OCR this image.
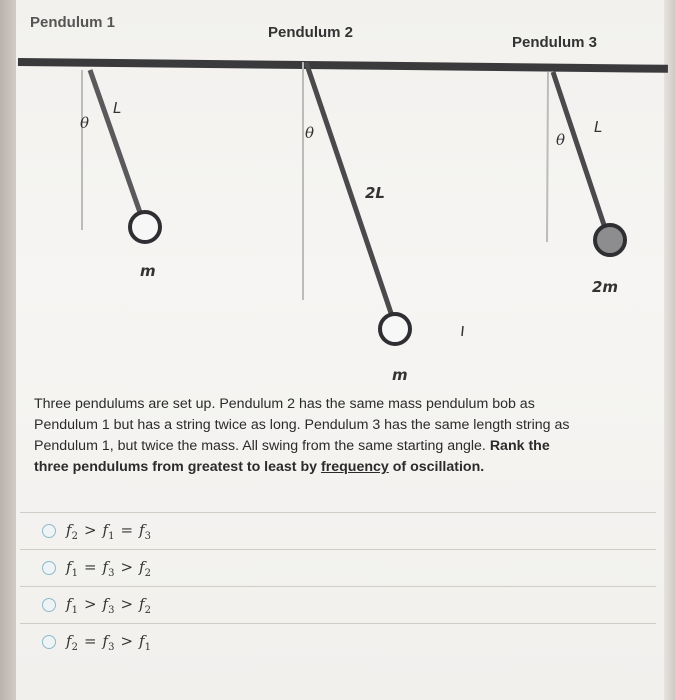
Pendulum 1
Pendulum 2
Pendulum 3
θ
L
m
θ
2L
m
θ
L
2m
Three pendulums are set up. Pendulum 2 has the same mass pendulum bob as
Pendulum 1 but has a string twice as long. Pendulum 3 has the same length string as
Pendulum 1, but twice the mass. All swing from the same starting angle. Rank the
three pendulums from greatest to least by frequency of oscillation.
$f_2 > f_1 = f_3$
$f_1 = f_3 > f_2$
$f_1 > f_3 > f_2$
$f_2 = f_3 > f_1$
